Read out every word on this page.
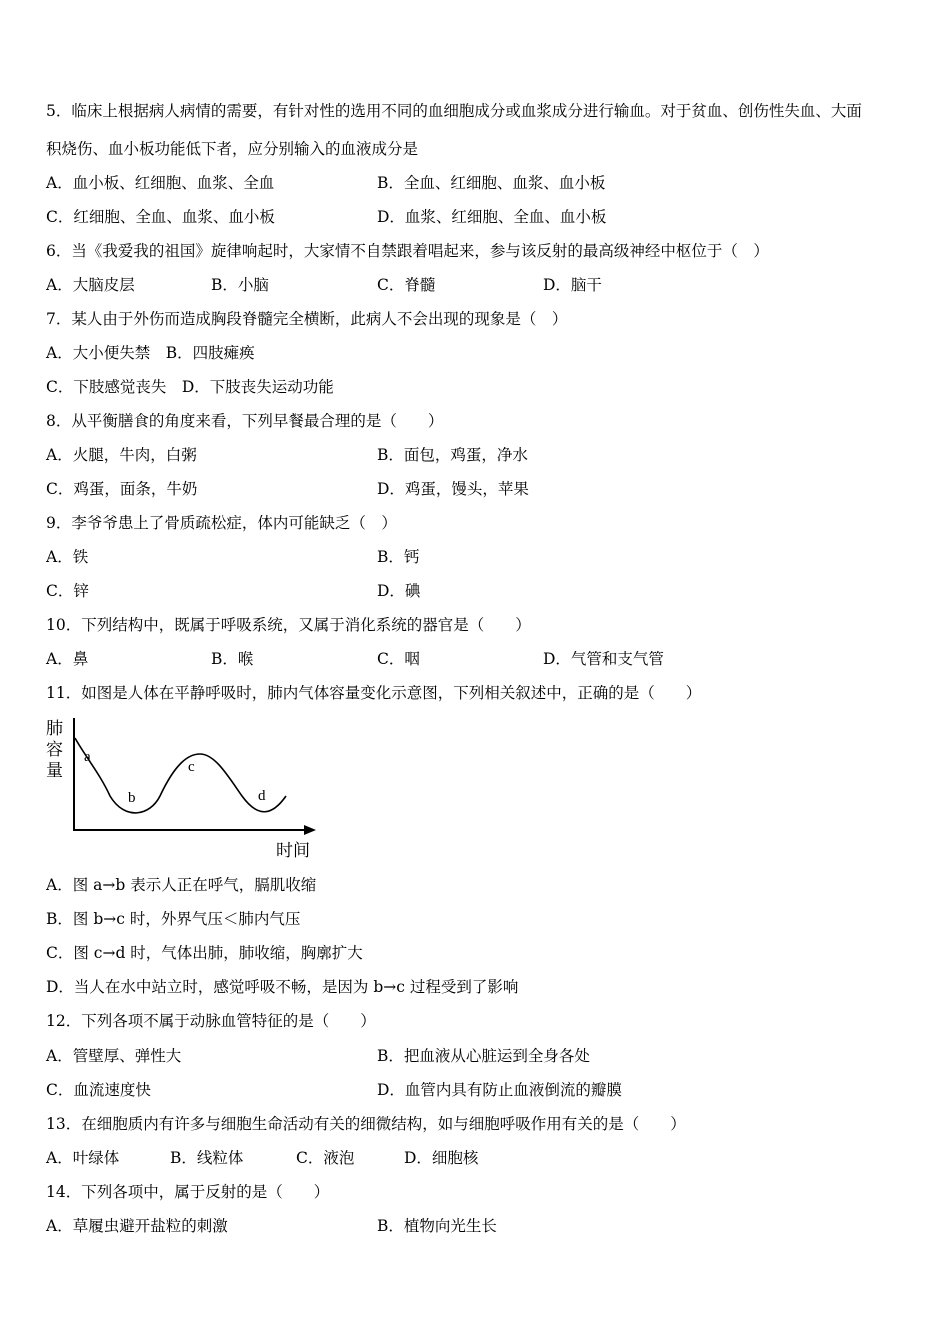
5．临床上根据病人病情的需要，有针对性的选用不同的血细胞成分或血浆成分进行输血。对于贫血、创伤性失血、大面
积烧伤、血小板功能低下者，应分别输入的血液成分是
A．血小板、红细胞、血浆、全血	B．全血、红细胞、血浆、血小板
C．红细胞、全血、血浆、血小板	D．血浆、红细胞、全血、血小板
6．当《我爱我的祖国》旋律响起时，大家情不自禁跟着唱起来，参与该反射的最高级神经中枢位于（　）
A．大脑皮层	B．小脑	C．脊髓	D．脑干
7．某人由于外伤而造成胸段脊髓完全横断，此病人不会出现的现象是（　）
A．大小便失禁　B．四肢瘫痪
C．下肢感觉丧失　D．下肢丧失运动功能
8．从平衡膳食的角度来看，下列早餐最合理的是（　　）
A．火腿，牛肉，白粥	B．面包，鸡蛋，净水
C．鸡蛋，面条，牛奶	D．鸡蛋，馒头，苹果
9．李爷爷患上了骨质疏松症，体内可能缺乏（　）
A．铁	B．钙
C．锌	D．碘
10．下列结构中，既属于呼吸系统，又属于消化系统的器官是（　　）
A．鼻	B．喉	C．咽	D．气管和支气管
11．如图是人体在平静呼吸时，肺内气体容量变化示意图，下列相关叙述中，正确的是（　　）
肺
容
量
时间
a
b
c
d
A．图 a→b 表示人正在呼气，膈肌收缩
B．图 b→c 时，外界气压＜肺内气压
C．图 c→d 时，气体出肺，肺收缩，胸廓扩大
D．当人在水中站立时，感觉呼吸不畅，是因为 b→c 过程受到了影响
12．下列各项不属于动脉血管特征的是（　　）
A．管壁厚、弹性大	B．把血液从心脏运到全身各处
C．血流速度快	D．血管内具有防止血液倒流的瓣膜
13．在细胞质内有许多与细胞生命活动有关的细微结构，如与细胞呼吸作用有关的是（　　）
A．叶绿体	B．线粒体	C．液泡	D．细胞核
14．下列各项中，属于反射的是（　　）
A．草履虫避开盐粒的刺激	B．植物向光生长
